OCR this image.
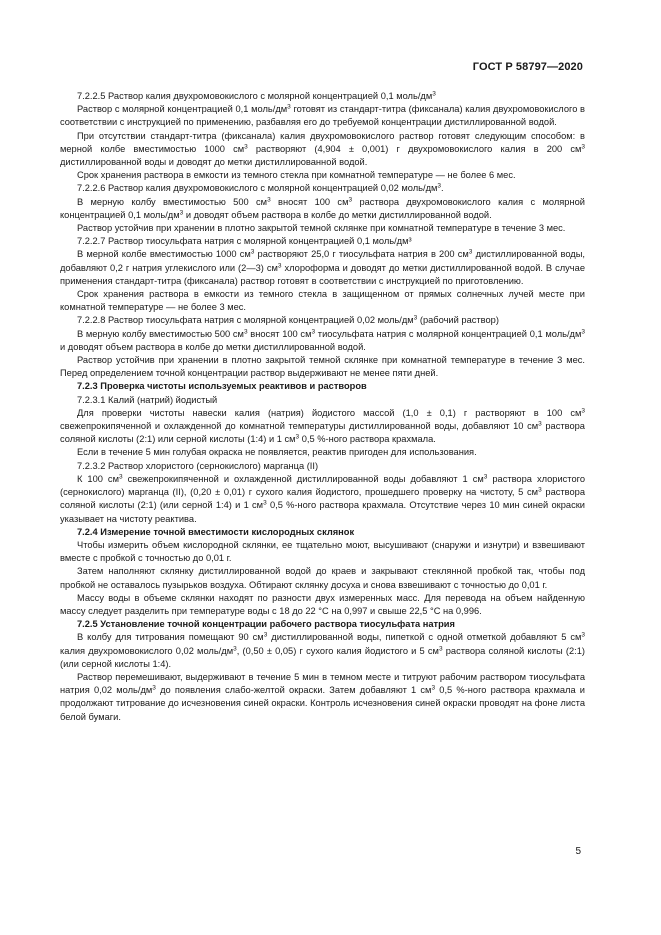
ГОСТ Р 58797—2020

7.2.2.5 Раствор калия двухромовокислого с молярной концентрацией 0,1 моль/$дм^3$

Раствор с молярной концентрацией 0,1 моль/$дм^3$ готовят из стандарт-титра (фиксанала) калия двухромовокислого в соответствии с инструкцией по применению, разбавляя его до требуемой концентрации дистиллированной водой.

При отсутствии стандарт-титра (фиксанала) калия двухромовокислого раствор готовят следующим способом: в мерной колбе вместимостью 1000 $см^3$ растворяют (4,904 ± 0,001) г двухромовокислого калия в 200 $см^3$ дистиллированной воды и доводят до метки дистиллированной водой.

Срок хранения раствора в емкости из темного стекла при комнатной температуре — не более 6 мес.

7.2.2.6 Раствор калия двухромовокислого с молярной концентрацией 0,02 моль/$дм^3$.

В мерную колбу вместимостью 500 $см^3$ вносят 100 $см^3$ раствора двухромовокислого калия с молярной концентрацией 0,1 моль/$дм^3$ и доводят объем раствора в колбе до метки дистиллированной водой.

Раствор устойчив при хранении в плотно закрытой темной склянке при комнатной температуре в течение 3 мес.

7.2.2.7 Раствор тиосульфата натрия с молярной концентрацией 0,1 моль/дм³

В мерной колбе вместимостью 1000 $см^3$ растворяют 25,0 г тиосульфата натрия в 200 $см^3$ дистиллированной воды, добавляют 0,2 г натрия углекислого или (2—3) $см^3$ хлороформа и доводят до метки дистиллированной водой. В случае применения стандарт-титра (фиксанала) раствор готовят в соответствии с инструкцией по приготовлению.

Срок хранения раствора в емкости из темного стекла в защищенном от прямых солнечных лучей месте при комнатной температуре — не более 3 мес.

7.2.2.8 Раствор тиосульфата натрия с молярной концентрацией 0,02 моль/$дм^3$ (рабочий раствор)

В мерную колбу вместимостью 500 $см^3$ вносят 100 $см^3$ тиосульфата натрия с молярной концентрацией 0,1 моль/$дм^3$ и доводят объем раствора в колбе до метки дистиллированной водой.

Раствор устойчив при хранении в плотно закрытой темной склянке при комнатной температуре в течение 3 мес. Перед определением точной концентрации раствор выдерживают не менее пяти дней.

7.2.3 Проверка чистоты используемых реактивов и растворов

7.2.3.1 Калий (натрий) йодистый

Для проверки чистоты навески калия (натрия) йодистого массой (1,0 ± 0,1) г растворяют в 100 $см^3$ свежепрокипяченной и охлажденной до комнатной температуры дистиллированной воды, добавляют 10 $см^3$ раствора соляной кислоты (2:1) или серной кислоты (1:4) и 1 $см^3$ 0,5 %-ного раствора крахмала.

Если в течение 5 мин голубая окраска не появляется, реактив пригоден для использования.

7.2.3.2 Раствор хлористого (сернокислого) марганца (II)

К 100 $см^3$ свежепрокипяченной и охлажденной дистиллированной воды добавляют 1 $см^3$ раствора хлористого (сернокислого) марганца (II), (0,20 ± 0,01) г сухого калия йодистого, прошедшего проверку на чистоту, 5 $см^3$ раствора соляной кислоты (2:1) (или серной 1:4) и 1 $см^3$ 0,5 %-ного раствора крахмала. Отсутствие через 10 мин синей окраски указывает на чистоту реактива.

7.2.4 Измерение точной вместимости кислородных склянок

Чтобы измерить объем кислородной склянки, ее тщательно моют, высушивают (снаружи и изнутри) и взвешивают вместе с пробкой с точностью до 0,01 г.

Затем наполняют склянку дистиллированной водой до краев и закрывают стеклянной пробкой так, чтобы под пробкой не оставалось пузырьков воздуха. Обтирают склянку досуха и снова взвешивают с точностью до 0,01 г.

Массу воды в объеме склянки находят по разности двух измеренных масс. Для перевода на объем найденную массу следует разделить при температуре воды с 18 до 22 °С на 0,997 и свыше 22,5 °С на 0,996.

7.2.5 Установление точной концентрации рабочего раствора тиосульфата натрия

В колбу для титрования помещают 90 $см^3$ дистиллированной воды, пипеткой с одной отметкой добавляют 5 $см^3$ калия двухромовокислого 0,02 моль/$дм^3$, (0,50 ± 0,05) г сухого калия йодистого и 5 $см^3$ раствора соляной кислоты (2:1) (или серной кислоты 1:4).

Раствор перемешивают, выдерживают в течение 5 мин в темном месте и титруют рабочим раствором тиосульфата натрия 0,02 моль/$дм^3$ до появления слабо-желтой окраски. Затем добавляют 1 $см^3$ 0,5 %-ного раствора крахмала и продолжают титрование до исчезновения синей окраски. Контроль исчезновения синей окраски проводят на фоне листа белой бумаги.

5
